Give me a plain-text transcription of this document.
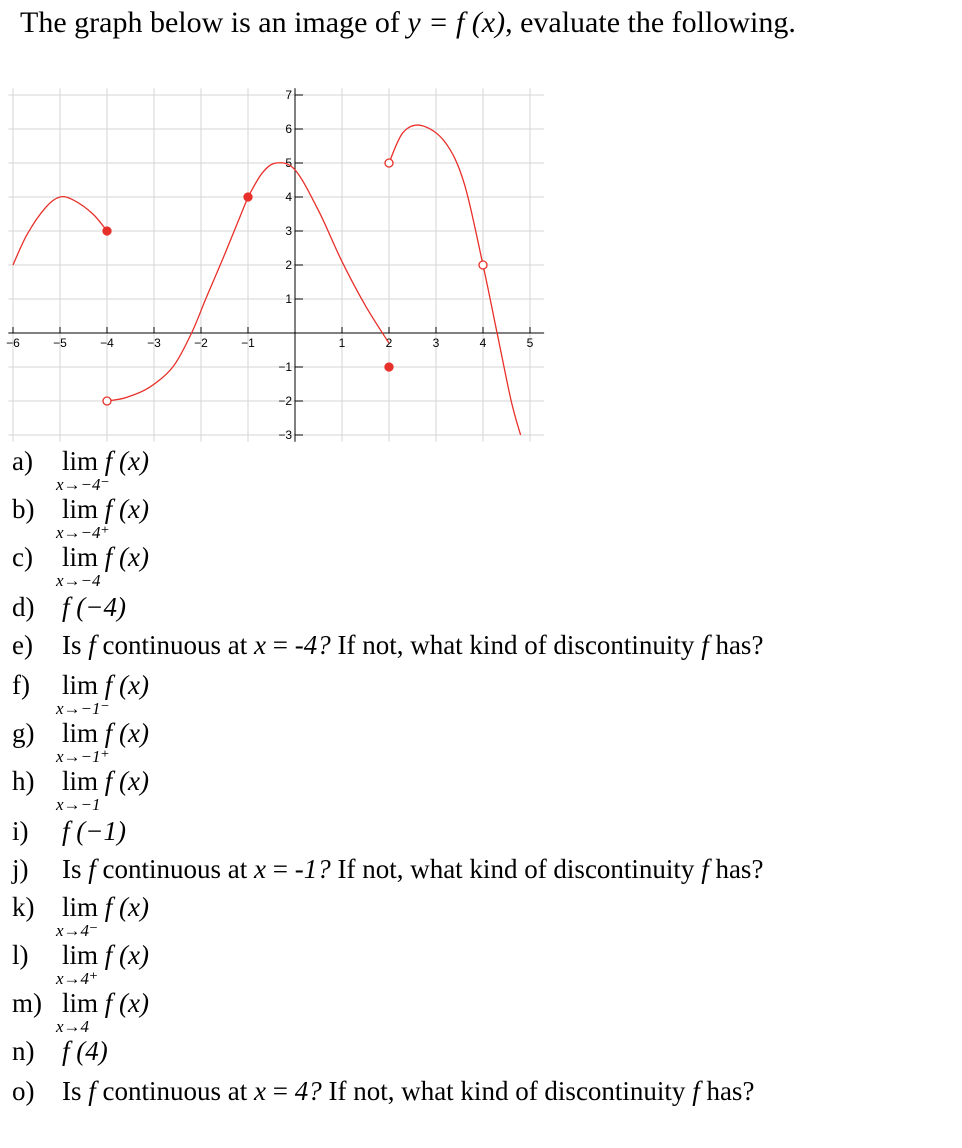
The graph below is an image of y = f (x), evaluate the following.
−6	−5	−4	−3	−2	−1	1	2	3	4	5
7
6
5
4
3
2
1
−1
−2
−3
a) lim
x→−4⁻
f (x)
b) lim
x→−4⁺
f (x)
c) lim
x→−4
f (x)
d) f (−4)
e) Is f continuous at x = -4? If not, what kind of discontinuity f has?
f) lim
x→−1⁻
f (x)
g) lim
x→−1⁺
f (x)
h) lim
x→−1
f (x)
i) f (−1)
j) Is f continuous at x = -1? If not, what kind of discontinuity f has?
k) lim
x→4⁻
f (x)
l) lim
x→4⁺
f (x)
m) lim
x→4
f (x)
n) f (4)
o) Is f continuous at x = 4? If not, what kind of discontinuity f has?
